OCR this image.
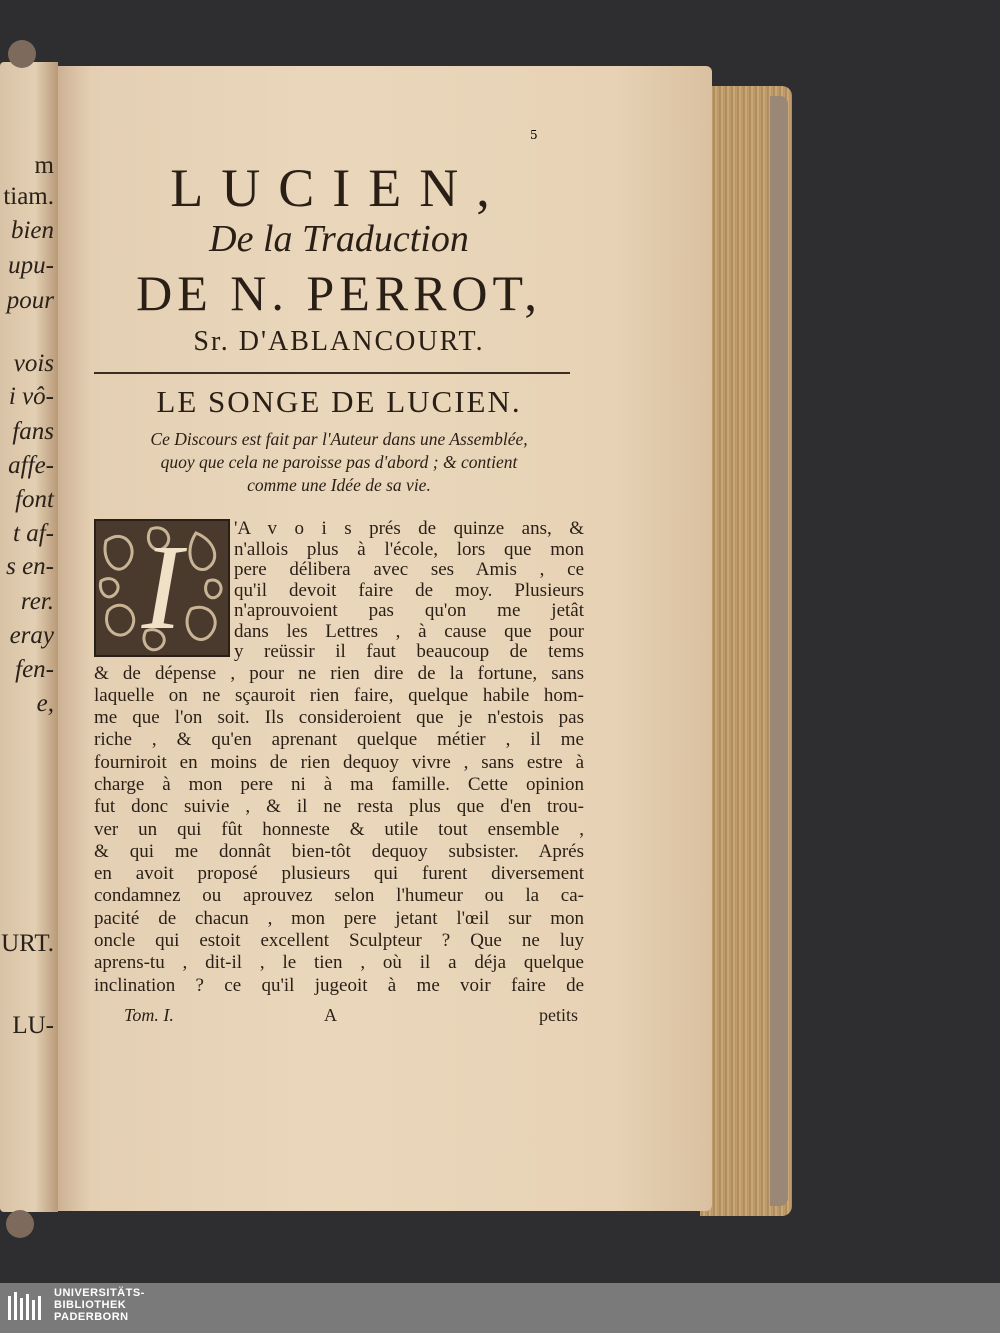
m
tiam.
bien
upu-
pour
vois
i vô-
fans
affe-
font
t af-
s en-
rer.
eray
fen-
e,
URT.
LU-
5
LUCIEN,
De la Traduction
DE N. PERROT,
Sr. D'ABLANCOURT.
LE SONGE DE LUCIEN.
Ce Discours est fait par l'Auteur dans une Assemblée,
quoy que cela ne paroisse pas d'abord ; & contient
comme une Idée de sa vie.
I	'A v o i s prés de quinze ans, &
n'allois plus à l'école, lors que mon
pere délibera avec ses Amis , ce
qu'il devoit faire de moy. Plusieurs
n'aprouvoient pas qu'on me jetât
dans les Lettres , à cause que pour
y reüssir il faut beaucoup de tems
& de dépense , pour ne rien dire de la fortune, sans
laquelle on ne sçauroit rien faire, quelque habile hom-
me que l'on soit. Ils consideroient que je n'estois pas
riche , & qu'en aprenant quelque métier , il me
fourniroit en moins de rien dequoy vivre , sans estre à
charge à mon pere ni à ma famille. Cette opinion
fut donc suivie , & il ne resta plus que d'en trou-
ver un qui fût honneste & utile tout ensemble ,
& qui me donnât bien-tôt dequoy subsister. Aprés
en avoit proposé plusieurs qui furent diversement
condamnez ou aprouvez selon l'humeur ou la ca-
pacité de chacun , mon pere jetant l'œil sur mon
oncle qui estoit excellent Sculpteur ? Que ne luy
aprens-tu , dit-il , le tien , où il a déja quelque
inclination ? ce qu'il jugeoit à me voir faire de
Tom. I.	A	petits
UNIVERSITÄTS-
BIBLIOTHEK
PADERBORN
